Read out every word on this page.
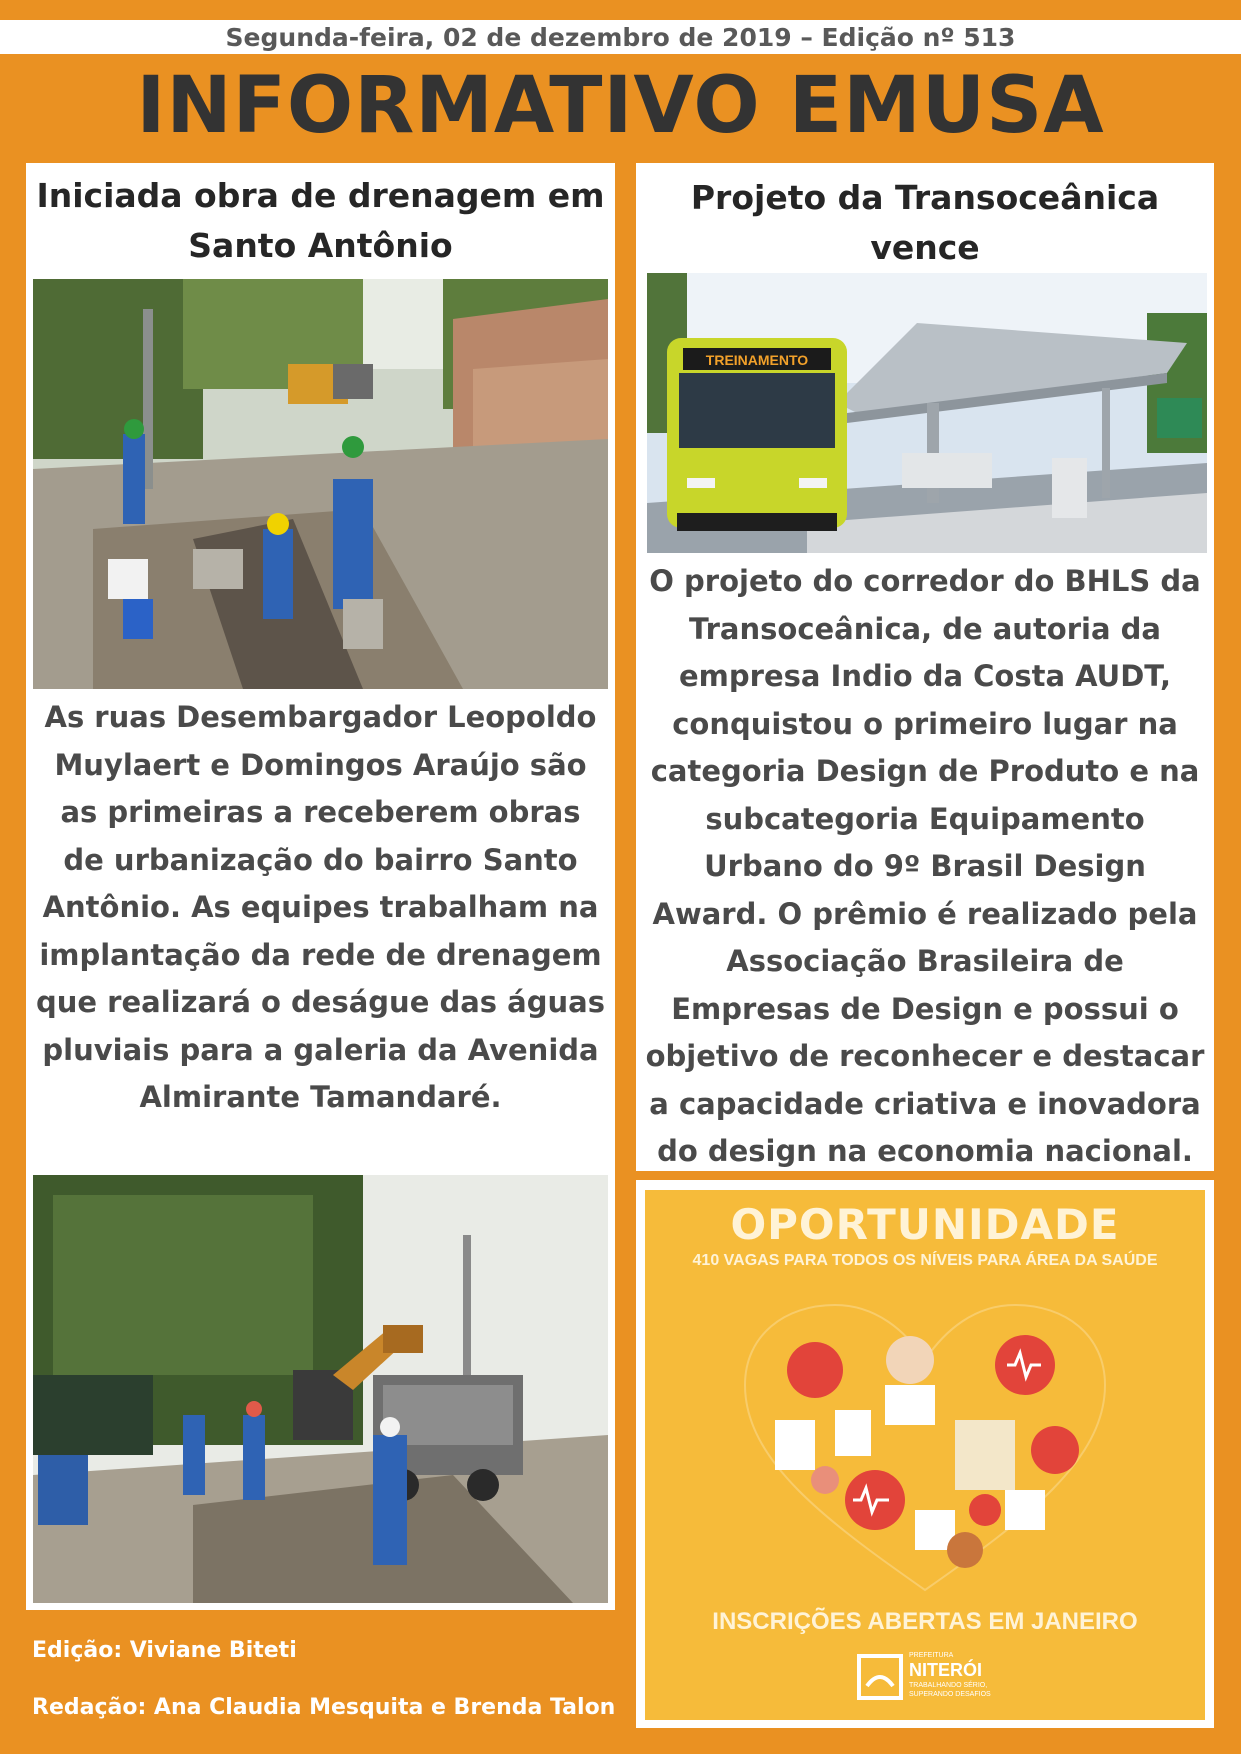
Segunda-feira, 02 de dezembro de 2019 – Edição nº 513
INFORMATIVO EMUSA
Iniciada obra de drenagem em
Santo Antônio
As ruas Desembargador Leopoldo Muylaert e Domingos Araújo são as primeiras a receberem obras de urbanização do bairro Santo Antônio. As equipes trabalham na implantação da rede de drenagem que realizará o deságue das águas pluviais para a galeria da Avenida Almirante Tamandaré.
Projeto da Transoceânica vence
TREINAMENTO
O projeto do corredor do BHLS da Transoceânica, de autoria da empresa Indio da Costa AUDT, conquistou o primeiro lugar na categoria Design de Produto e na subcategoria Equipamento Urbano do 9º Brasil Design Award. O prêmio é realizado pela Associação Brasileira de Empresas de Design e possui o objetivo de reconhecer e destacar a capacidade criativa e inovadora do design na economia nacional.
OPORTUNIDADE
410 VAGAS PARA TODOS OS NÍVEIS PARA ÁREA DA SAÚDE
INSCRIÇÕES ABERTAS EM JANEIRO
PREFEITURA
NITERÓI
TRABALHANDO SÉRIO,
SUPERANDO DESAFIOS
Edição: Viviane Biteti
Redação: Ana Claudia Mesquita e Brenda Talon
